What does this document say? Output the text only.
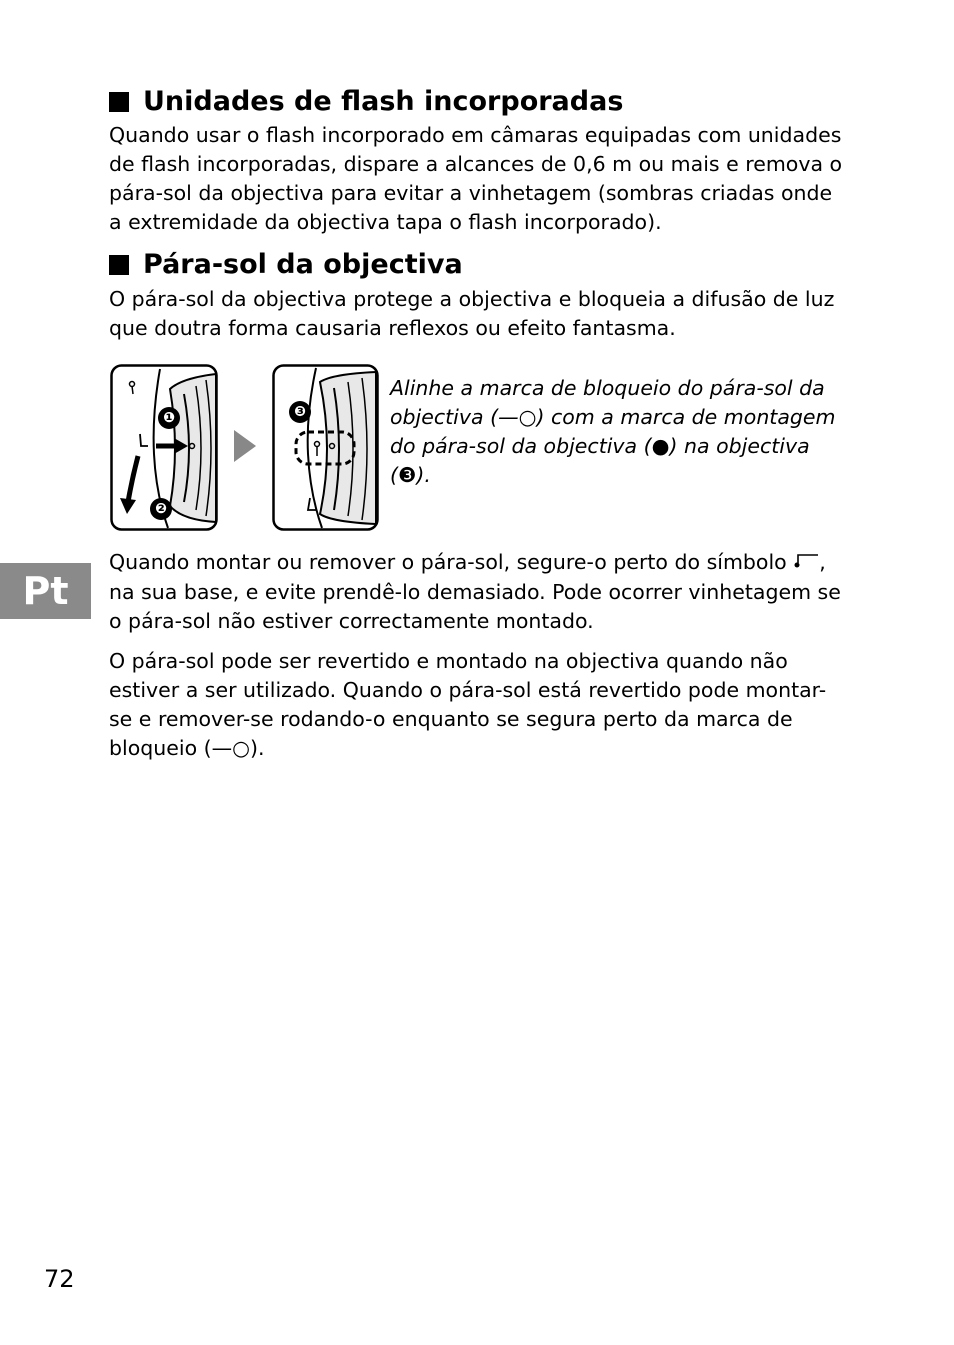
Unidades de flash incorporadas

Quando usar o flash incorporado em câmaras equipadas com unidades de flash incorporadas, dispare a alcances de 0,6 m ou mais e remova o pára-sol da objectiva para evitar a vinhetagem (sombras criadas onde a extremidade da objectiva tapa o flash incorporado).

Pára-sol da objectiva

O pára-sol da objectiva protege a objectiva e bloqueia a difusão de luz que doutra forma causaria reflexos ou efeito fantasma.

❶
❷
❸

Alinhe a marca de bloqueio do pára-sol da objectiva (—○) com a marca de montagem do pára-sol da objectiva (●) na objectiva (❸).

Pt

Quando montar ou remover o pára-sol, segure-o perto do símbolo , na sua base, e evite prendê-lo demasiado. Pode ocorrer vinhetagem se o pára-sol não estiver correctamente montado.

O pára-sol pode ser revertido e montado na objectiva quando não estiver a ser utilizado. Quando o pára-sol está revertido pode montar-se e remover-se rodando-o enquanto se segura perto da marca de bloqueio (—○).

72
